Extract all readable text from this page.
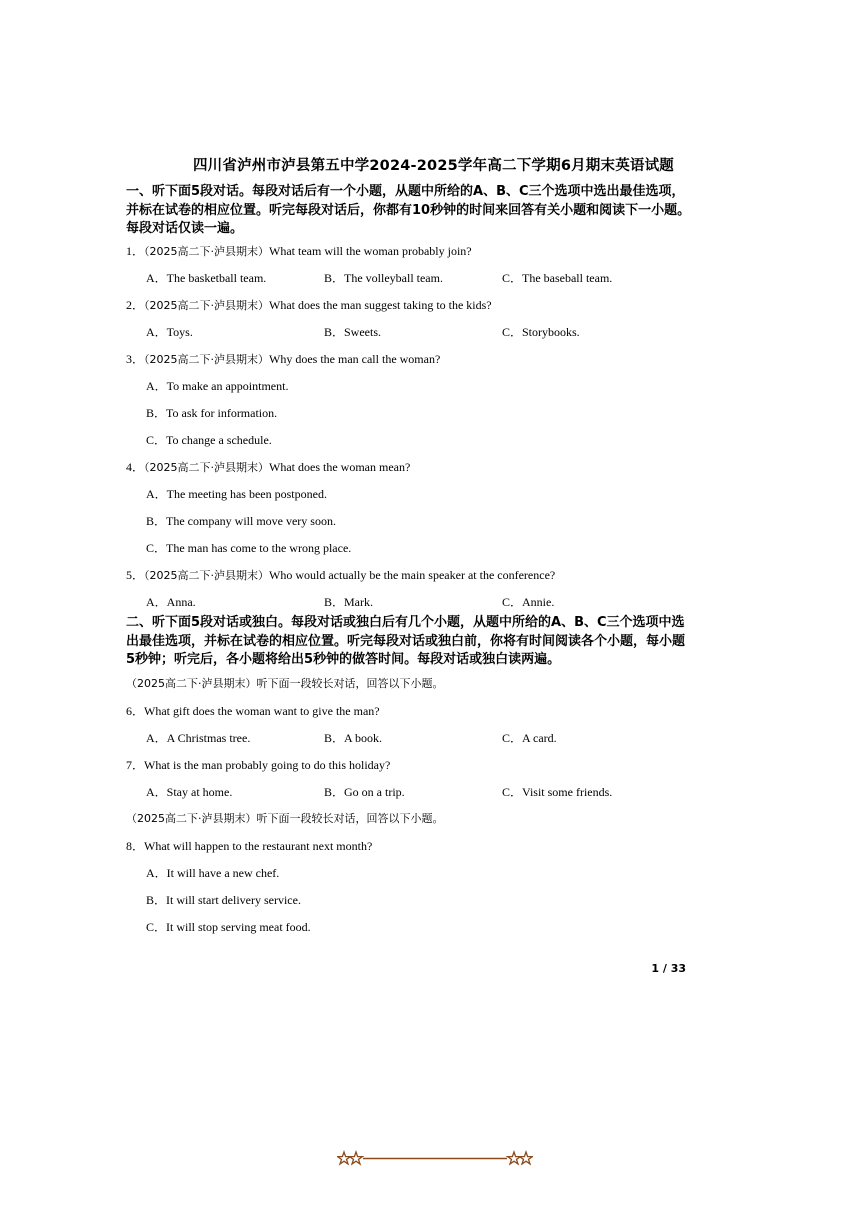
四川省泸州市泸县第五中学2024-2025学年高二下学期6月期末英语试题
一、听下面5段对话。每段对话后有一个小题，从题中所给的A、B、C三个选项中选出最佳选项，并标在试卷的相应位置。听完每段对话后，你都有10秒钟的时间来回答有关小题和阅读下一小题。每段对话仅读一遍。
1．（2025高二下·泸县期末）What team will the woman probably join?
A．The basketball team.	B．The volleyball team.	C．The baseball team.
2．（2025高二下·泸县期末）What does the man suggest taking to the kids?
A．Toys.	B．Sweets.	C．Storybooks.
3．（2025高二下·泸县期末）Why does the man call the woman?
A．To make an appointment.
B．To ask for information.
C．To change a schedule.
4．（2025高二下·泸县期末）What does the woman mean?
A．The meeting has been postponed.
B．The company will move very soon.
C．The man has come to the wrong place.
5．（2025高二下·泸县期末）Who would actually be the main speaker at the conference?
A．Anna.	B．Mark.	C．Annie.
二、听下面5段对话或独白。每段对话或独白后有几个小题，从题中所给的A、B、C三个选项中选出最佳选项，并标在试卷的相应位置。听完每段对话或独白前，你将有时间阅读各个小题，每小题5秒钟；听完后，各小题将给出5秒钟的做答时间。每段对话或独白读两遍。
（2025高二下·泸县期末）听下面一段较长对话，回答以下小题。
6．What gift does the woman want to give the man?
A．A Christmas tree.	B．A book.	C．A card.
7．What is the man probably going to do this holiday?
A．Stay at home.	B．Go on a trip.	C．Visit some friends.
（2025高二下·泸县期末）听下面一段较长对话，回答以下小题。
8．What will happen to the restaurant next month?
A．It will have a new chef.
B．It will start delivery service.
C．It will stop serving meat food.
1 / 33
